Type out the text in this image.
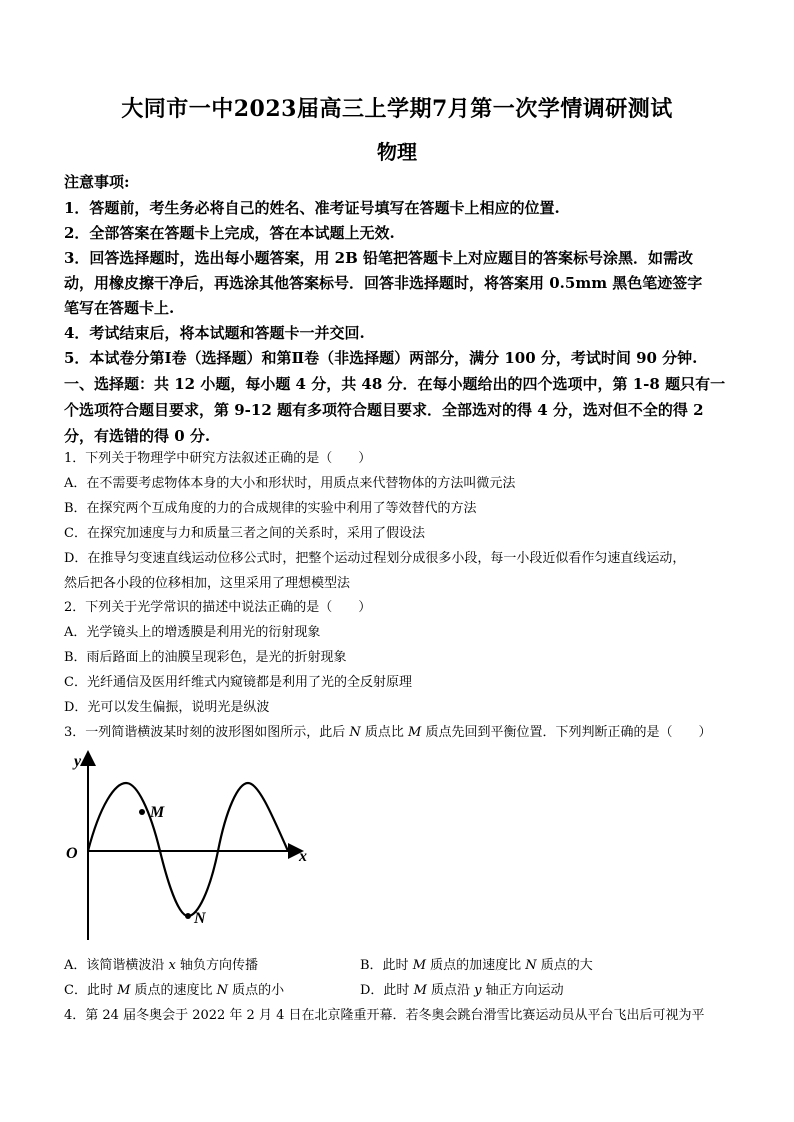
大同市一中2023届高三上学期7月第一次学情调研测试
物理
注意事项:
1．答题前，考生务必将自己的姓名、准考证号填写在答题卡上相应的位置.
2．全部答案在答题卡上完成，答在本试题上无效.
3．回答选择题时，选出每小题答案，用 2B 铅笔把答题卡上对应题目的答案标号涂黑．如需改
动，用橡皮擦干净后，再选涂其他答案标号．回答非选择题时，将答案用 0.5mm 黑色笔迹签字
笔写在答题卡上.
4．考试结束后，将本试题和答题卡一并交回.
5．本试卷分第Ⅰ卷（选择题）和第Ⅱ卷（非选择题）两部分，满分 100 分，考试时间 90 分钟.
一、选择题：共 12 小题，每小题 4 分，共 48 分．在每小题给出的四个选项中，第 1-8 题只有一
个选项符合题目要求，第 9-12 题有多项符合题目要求．全部选对的得 4 分，选对但不全的得 2
分，有选错的得 0 分.
1．下列关于物理学中研究方法叙述正确的是（　　）
A．在不需要考虑物体本身的大小和形状时，用质点来代替物体的方法叫微元法
B．在探究两个互成角度的力的合成规律的实验中利用了等效替代的方法
C．在探究加速度与力和质量三者之间的关系时，采用了假设法
D．在推导匀变速直线运动位移公式时，把整个运动过程划分成很多小段，每一小段近似看作匀速直线运动，
然后把各小段的位移相加，这里采用了理想模型法
2．下列关于光学常识的描述中说法正确的是（　　）
A．光学镜头上的增透膜是利用光的衍射现象
B．雨后路面上的油膜呈现彩色，是光的折射现象
C．光纤通信及医用纤维式内窥镜都是利用了光的全反射原理
D．光可以发生偏振，说明光是纵波
3．一列简谐横波某时刻的波形图如图所示，此后 N 质点比 M 质点先回到平衡位置．下列判断正确的是（　　）
y
x
O
M
N
A．该简谐横波沿 x 轴负方向传播	B．此时 M 质点的加速度比 N 质点的大
C．此时 M 质点的速度比 N 质点的小	D．此时 M 质点沿 y 轴正方向运动
4．第 24 届冬奥会于 2022 年 2 月 4 日在北京隆重开幕．若冬奥会跳台滑雪比赛运动员从平台飞出后可视为平
